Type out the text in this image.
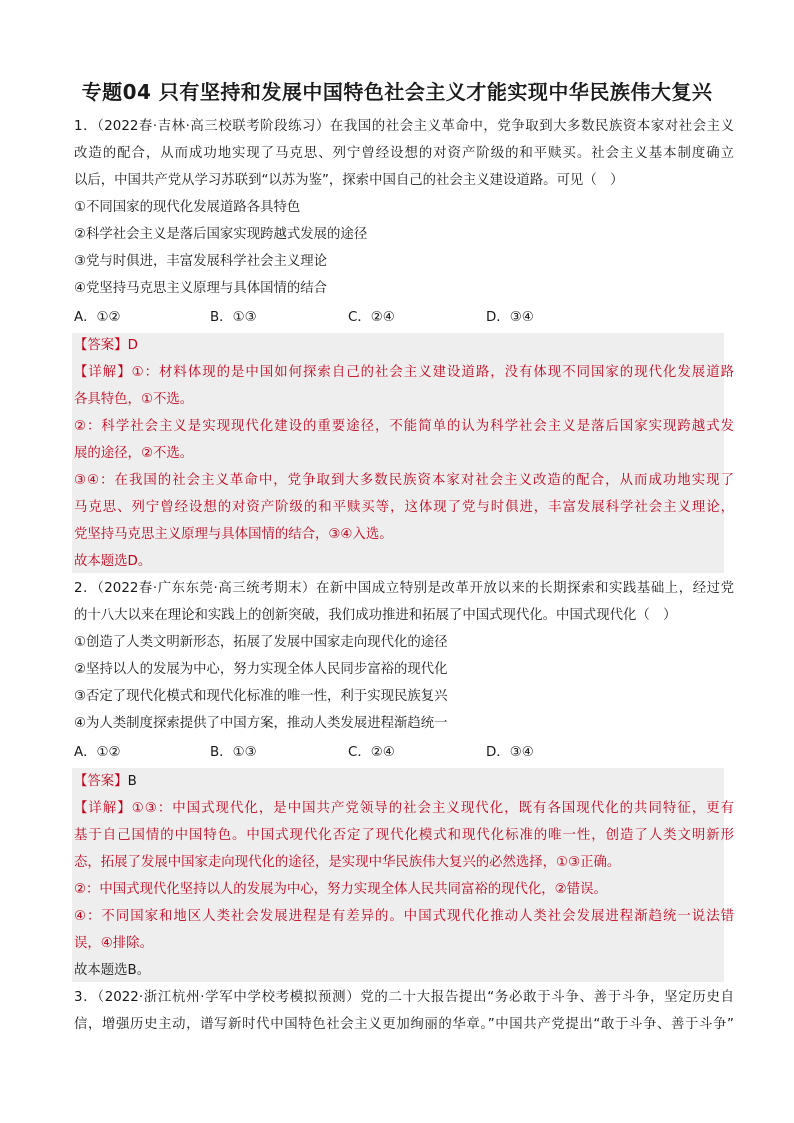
专题04 只有坚持和发展中国特色社会主义才能实现中华民族伟大复兴
1．（2022春·吉林·高三校联考阶段练习）在我国的社会主义革命中，党争取到大多数民族资本家对社会主义
改造的配合，从而成功地实现了马克思、列宁曾经设想的对资产阶级的和平赎买。社会主义基本制度确立
以后，中国共产党从学习苏联到“以苏为鉴”，探索中国自己的社会主义建设道路。可见（　）
①不同国家的现代化发展道路各具特色
②科学社会主义是落后国家实现跨越式发展的途径
③党与时俱进，丰富发展科学社会主义理论
④党坚持马克思主义原理与具体国情的结合
A．①②	B．①③	C．②④	D．③④
【答案】D
【详解】①：材料体现的是中国如何探索自己的社会主义建设道路，没有体现不同国家的现代化发展道路
各具特色，①不选。
②：科学社会主义是实现现代化建设的重要途径，不能简单的认为科学社会主义是落后国家实现跨越式发
展的途径，②不选。
③④：在我国的社会主义革命中，党争取到大多数民族资本家对社会主义改造的配合，从而成功地实现了
马克思、列宁曾经设想的对资产阶级的和平赎买等，这体现了党与时俱进，丰富发展科学社会主义理论，
党坚持马克思主义原理与具体国情的结合，③④入选。
故本题选D。
2．（2022春·广东东莞·高三统考期末）在新中国成立特别是改革开放以来的长期探索和实践基础上，经过党
的十八大以来在理论和实践上的创新突破，我们成功推进和拓展了中国式现代化。中国式现代化（　）
①创造了人类文明新形态，拓展了发展中国家走向现代化的途径
②坚持以人的发展为中心，努力实现全体人民同步富裕的现代化
③否定了现代化模式和现代化标准的唯一性，利于实现民族复兴
④为人类制度探索提供了中国方案，推动人类发展进程渐趋统一
A．①②	B．①③	C．②④	D．③④
【答案】B
【详解】①③：中国式现代化，是中国共产党领导的社会主义现代化，既有各国现代化的共同特征，更有
基于自己国情的中国特色。中国式现代化否定了现代化模式和现代化标准的唯一性，创造了人类文明新形
态，拓展了发展中国家走向现代化的途径，是实现中华民族伟大复兴的必然选择，①③正确。
②：中国式现代化坚持以人的发展为中心，努力实现全体人民共同富裕的现代化，②错误。
④：不同国家和地区人类社会发展进程是有差异的。中国式现代化推动人类社会发展进程渐趋统一说法错
误，④排除。
故本题选B。
3．（2022·浙江杭州·学军中学校考模拟预测）党的二十大报告提出“务必敢于斗争、善于斗争，坚定历史自
信，增强历史主动，谱写新时代中国特色社会主义更加绚丽的华章。”中国共产党提出“敢于斗争、善于斗争”
